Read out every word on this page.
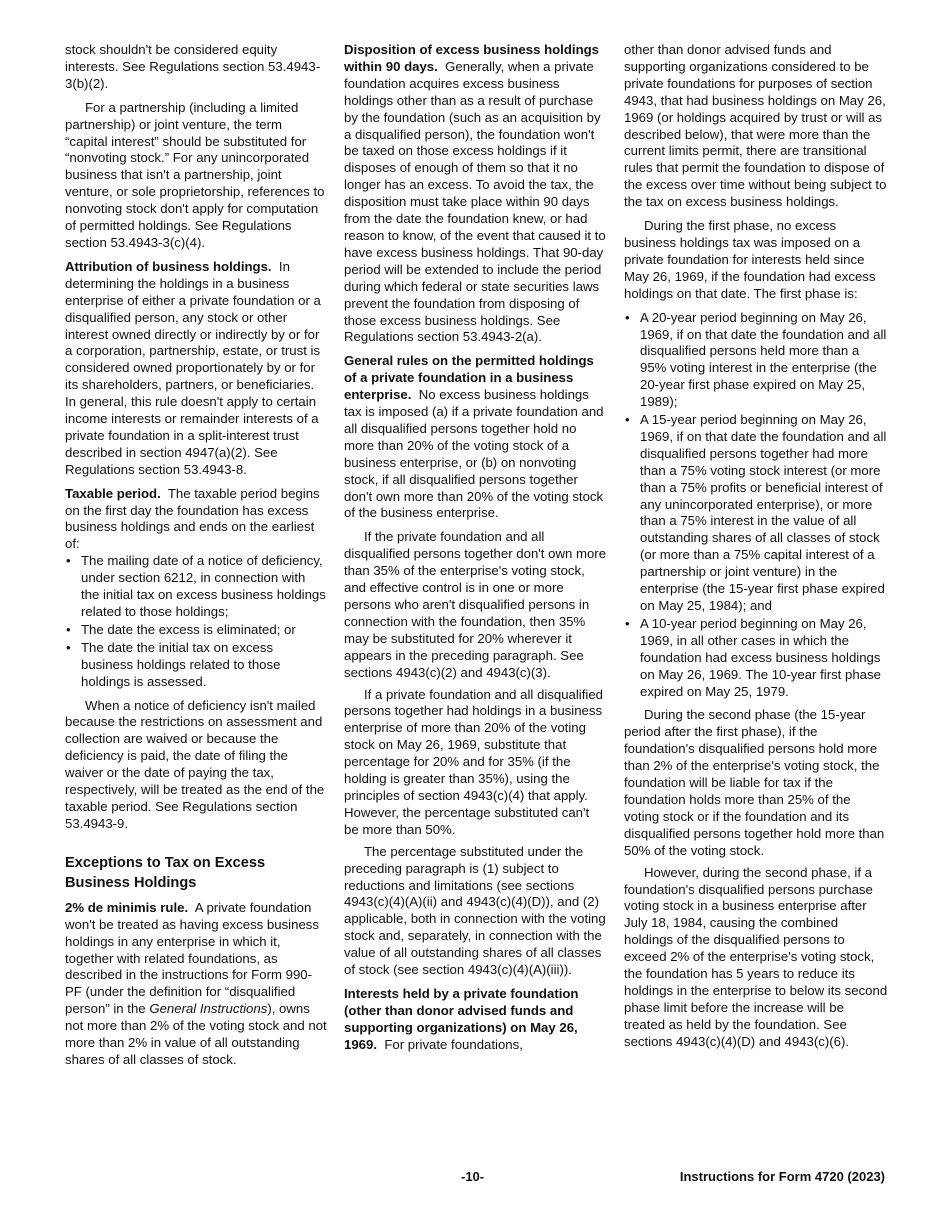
stock shouldn't be considered equity interests. See Regulations section 53.4943-3(b)(2).

For a partnership (including a limited partnership) or joint venture, the term “capital interest” should be substituted for “nonvoting stock.” For any unincorporated business that isn't a partnership, joint venture, or sole proprietorship, references to nonvoting stock don't apply for computation of permitted holdings. See Regulations section 53.4943-3(c)(4).

Attribution of business holdings. In determining the holdings in a business enterprise of either a private foundation or a disqualified person, any stock or other interest owned directly or indirectly by or for a corporation, partnership, estate, or trust is considered owned proportionately by or for its shareholders, partners, or beneficiaries. In general, this rule doesn't apply to certain income interests or remainder interests of a private foundation in a split-interest trust described in section 4947(a)(2). See Regulations section 53.4943-8.

Taxable period. The taxable period begins on the first day the foundation has excess business holdings and ends on the earliest of:

• The mailing date of a notice of deficiency, under section 6212, in connection with the initial tax on excess business holdings related to those holdings;
• The date the excess is eliminated; or
• The date the initial tax on excess business holdings related to those holdings is assessed.

When a notice of deficiency isn't mailed because the restrictions on assessment and collection are waived or because the deficiency is paid, the date of filing the waiver or the date of paying the tax, respectively, will be treated as the end of the taxable period. See Regulations section 53.4943-9.

Exceptions to Tax on Excess Business Holdings

2% de minimis rule. A private foundation won't be treated as having excess business holdings in any enterprise in which it, together with related foundations, as described in the instructions for Form 990-PF (under the definition for “disqualified person” in the General Instructions), owns not more than 2% of the voting stock and not more than 2% in value of all outstanding shares of all classes of stock.

Disposition of excess business holdings within 90 days. Generally, when a private foundation acquires excess business holdings other than as a result of purchase by the foundation (such as an acquisition by a disqualified person), the foundation won't be taxed on those excess holdings if it disposes of enough of them so that it no longer has an excess. To avoid the tax, the disposition must take place within 90 days from the date the foundation knew, or had reason to know, of the event that caused it to have excess business holdings. That 90-day period will be extended to include the period during which federal or state securities laws prevent the foundation from disposing of those excess business holdings. See Regulations section 53.4943-2(a).

General rules on the permitted holdings of a private foundation in a business enterprise. No excess business holdings tax is imposed (a) if a private foundation and all disqualified persons together hold no more than 20% of the voting stock of a business enterprise, or (b) on nonvoting stock, if all disqualified persons together don't own more than 20% of the voting stock of the business enterprise.

If the private foundation and all disqualified persons together don't own more than 35% of the enterprise's voting stock, and effective control is in one or more persons who aren't disqualified persons in connection with the foundation, then 35% may be substituted for 20% wherever it appears in the preceding paragraph. See sections 4943(c)(2) and 4943(c)(3).

If a private foundation and all disqualified persons together had holdings in a business enterprise of more than 20% of the voting stock on May 26, 1969, substitute that percentage for 20% and for 35% (if the holding is greater than 35%), using the principles of section 4943(c)(4) that apply. However, the percentage substituted can't be more than 50%.

The percentage substituted under the preceding paragraph is (1) subject to reductions and limitations (see sections 4943(c)(4)(A)(ii) and 4943(c)(4)(D)), and (2) applicable, both in connection with the voting stock and, separately, in connection with the value of all outstanding shares of all classes of stock (see section 4943(c)(4)(A)(iii)).

Interests held by a private foundation (other than donor advised funds and supporting organizations) on May 26, 1969. For private foundations,

other than donor advised funds and supporting organizations considered to be private foundations for purposes of section 4943, that had business holdings on May 26, 1969 (or holdings acquired by trust or will as described below), that were more than the current limits permit, there are transitional rules that permit the foundation to dispose of the excess over time without being subject to the tax on excess business holdings.

During the first phase, no excess business holdings tax was imposed on a private foundation for interests held since May 26, 1969, if the foundation had excess holdings on that date. The first phase is:

• A 20-year period beginning on May 26, 1969, if on that date the foundation and all disqualified persons held more than a 95% voting interest in the enterprise (the 20-year first phase expired on May 25, 1989);
• A 15-year period beginning on May 26, 1969, if on that date the foundation and all disqualified persons together had more than a 75% voting stock interest (or more than a 75% profits or beneficial interest of any unincorporated enterprise), or more than a 75% interest in the value of all outstanding shares of all classes of stock (or more than a 75% capital interest of a partnership or joint venture) in the enterprise (the 15-year first phase expired on May 25, 1984); and
• A 10-year period beginning on May 26, 1969, in all other cases in which the foundation had excess business holdings on May 26, 1969. The 10-year first phase expired on May 25, 1979.

During the second phase (the 15-year period after the first phase), if the foundation's disqualified persons hold more than 2% of the enterprise's voting stock, the foundation will be liable for tax if the foundation holds more than 25% of the voting stock or if the foundation and its disqualified persons together hold more than 50% of the voting stock.

However, during the second phase, if a foundation's disqualified persons purchase voting stock in a business enterprise after July 18, 1984, causing the combined holdings of the disqualified persons to exceed 2% of the enterprise's voting stock, the foundation has 5 years to reduce its holdings in the enterprise to below its second phase limit before the increase will be treated as held by the foundation. See sections 4943(c)(4)(D) and 4943(c)(6).

-10-	Instructions for Form 4720 (2023)
